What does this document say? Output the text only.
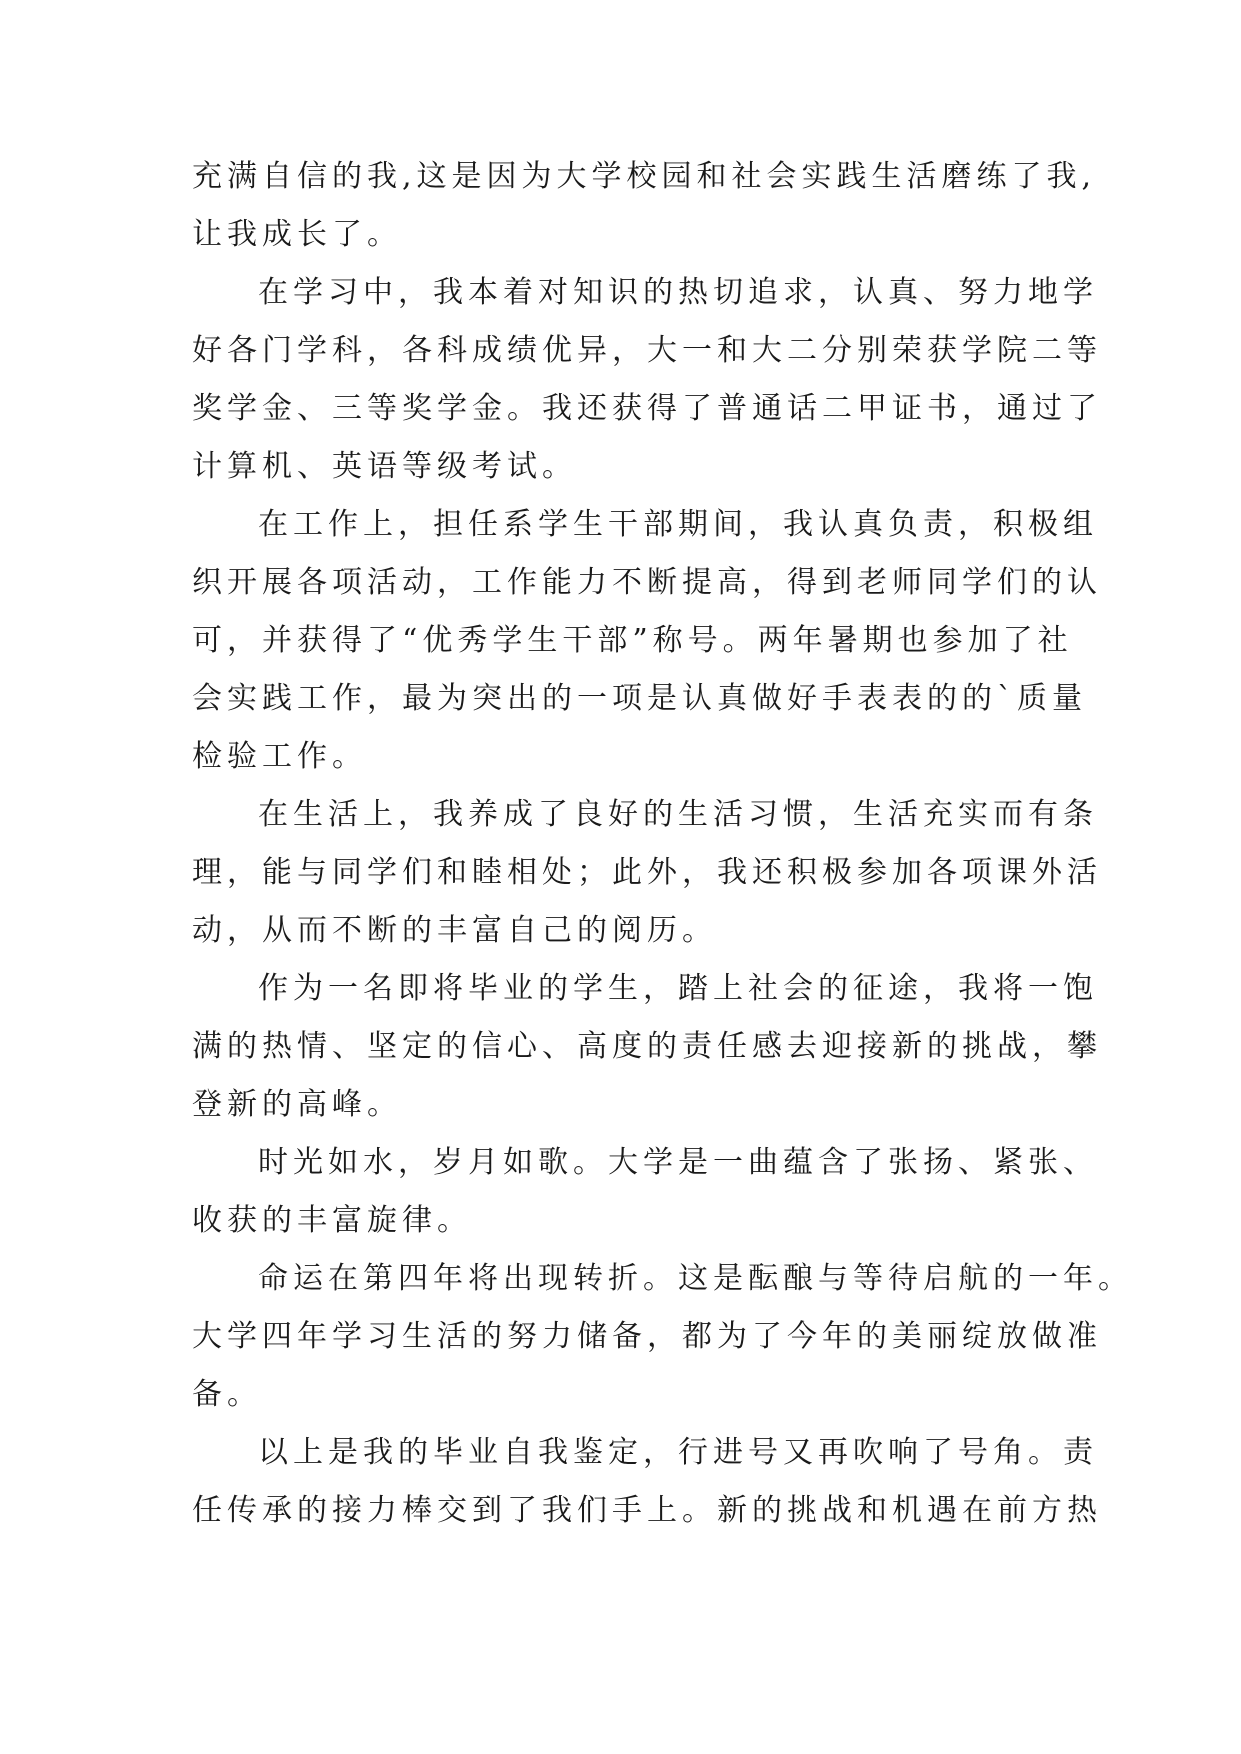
充满自信的我,这是因为大学校园和社会实践生活磨练了我,
让我成长了。
在学习中，我本着对知识的热切追求，认真、努力地学
好各门学科，各科成绩优异，大一和大二分别荣获学院二等
奖学金、三等奖学金。我还获得了普通话二甲证书，通过了
计算机、英语等级考试。
在工作上，担任系学生干部期间，我认真负责，积极组
织开展各项活动，工作能力不断提高，得到老师同学们的认
可，并获得了“优秀学生干部”称号。两年暑期也参加了社
会实践工作，最为突出的一项是认真做好手表表的的`质量
检验工作。
在生活上，我养成了良好的生活习惯，生活充实而有条
理，能与同学们和睦相处；此外，我还积极参加各项课外活
动，从而不断的丰富自己的阅历。
作为一名即将毕业的学生，踏上社会的征途，我将一饱
满的热情、坚定的信心、高度的责任感去迎接新的挑战，攀
登新的高峰。
时光如水，岁月如歌。大学是一曲蕴含了张扬、紧张、
收获的丰富旋律。
命运在第四年将出现转折。这是酝酿与等待启航的一年。
大学四年学习生活的努力储备，都为了今年的美丽绽放做准
备。
以上是我的毕业自我鉴定，行进号又再吹响了号角。责
任传承的接力棒交到了我们手上。新的挑战和机遇在前方热
